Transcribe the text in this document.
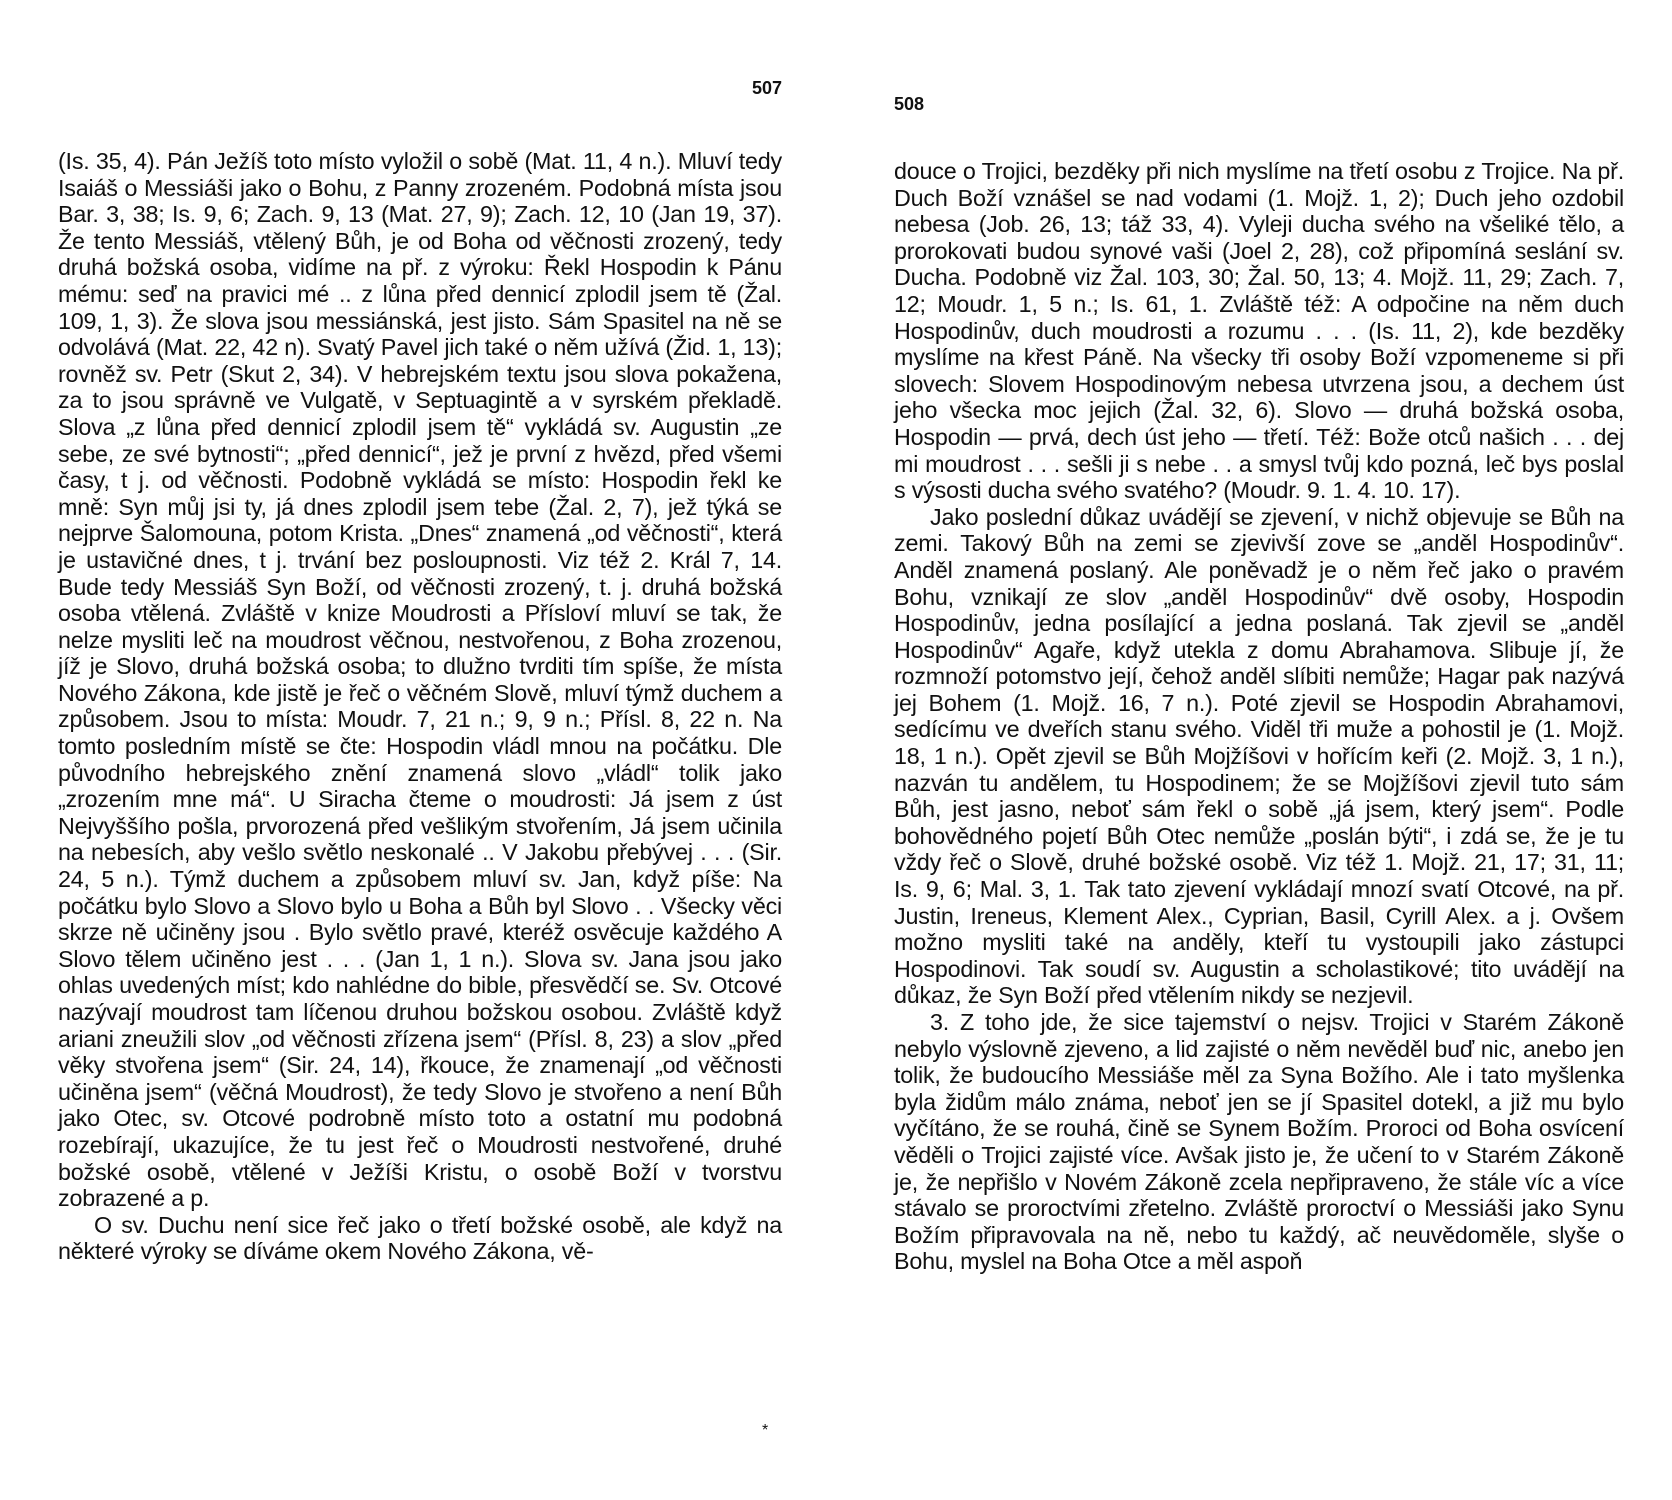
507

(Is. 35, 4). Pán Ježíš toto místo vyložil o sobě (Mat. 11, 4 n.). Mluví tedy Isaiáš o Messiáši jako o Bohu, z Panny zrozeném. Podobná místa jsou Bar. 3, 38; Is. 9, 6; Zach. 9, 13 (Mat. 27, 9); Zach. 12, 10 (Jan 19, 37). Že tento Messiáš, vtělený Bůh, je od Boha od věčnosti zrozený, tedy druhá božská osoba, vidíme na př. z výroku: Řekl Hospodin k Pánu mému: seď na pravici mé .. z lůna před dennicí zplodil jsem tě (Žal. 109, 1, 3). Že slova jsou messiánská, jest jisto. Sám Spasitel na ně se odvolává (Mat. 22, 42 n). Svatý Pavel jich také o něm užívá (Žid. 1, 13); rovněž sv. Petr (Skut 2, 34). V hebrejském textu jsou slova pokažena, za to jsou správně ve Vulgatě, v Septuagintě a v syrském překladě. Slova „z lůna před dennicí zplodil jsem tě“ vykládá sv. Augustin „ze sebe, ze své bytnosti“; „před dennicí“, jež je první z hvězd, před všemi časy, t j. od věčnosti. Podobně vykládá se místo: Hospodin řekl ke mně: Syn můj jsi ty, já dnes zplodil jsem tebe (Žal. 2, 7), jež týká se nejprve Šalomouna, potom Krista. „Dnes“ znamená „od věčnosti“, která je ustavičné dnes, t j. trvání bez posloupnosti. Viz též 2. Král 7, 14. Bude tedy Messiáš Syn Boží, od věčnosti zrozený, t. j. druhá božská osoba vtělená. Zvláště v knize Moudrosti a Přísloví mluví se tak, že nelze mysliti leč na moudrost věčnou, nestvořenou, z Boha zrozenou, jíž je Slovo, druhá božská osoba; to dlužno tvrditi tím spíše, že místa Nového Zákona, kde jistě je řeč o věčném Slově, mluví týmž duchem a způsobem. Jsou to místa: Moudr. 7, 21 n.; 9, 9 n.; Přísl. 8, 22 n. Na tomto posledním místě se čte: Hospodin vládl mnou na počátku. Dle původního hebrejského znění znamená slovo „vládl“ tolik jako „zrozením mne má“. U Siracha čteme o moudrosti: Já jsem z úst Nejvyššího pošla, prvorozená před vešlikým stvořením, Já jsem učinila na nebesích, aby vešlo světlo neskonalé .. V Jakobu přebývej . . . (Sir. 24, 5 n.). Týmž duchem a způsobem mluví sv. Jan, když píše: Na počátku bylo Slovo a Slovo bylo u Boha a Bůh byl Slovo . . Všecky věci skrze ně učiněny jsou . Bylo světlo pravé, kteréž osvěcuje každého A Slovo tělem učiněno jest . . . (Jan 1, 1 n.). Slova sv. Jana jsou jako ohlas uvedených míst; kdo nahlédne do bible, přesvědčí se. Sv. Otcové nazývají moudrost tam líčenou druhou božskou osobou. Zvláště když ariani zneužili slov „od věčnosti zřízena jsem“ (Přísl. 8, 23) a slov „před věky stvořena jsem“ (Sir. 24, 14), řkouce, že znamenají „od věčnosti učiněna jsem“ (věčná Moudrost), že tedy Slovo je stvořeno a není Bůh jako Otec, sv. Otcové podrobně místo toto a ostatní mu podobná rozebírají, ukazujíce, že tu jest řeč o Moudrosti nestvořené, druhé božské osobě, vtělené v Ježíši Kristu, o osobě Boží v tvorstvu zobrazené a p.

O sv. Duchu není sice řeč jako o třetí božské osobě, ale když na některé výroky se díváme okem Nového Zákona, vě-

*
508

douce o Trojici, bezděky při nich myslíme na třetí osobu z Trojice. Na př. Duch Boží vznášel se nad vodami (1. Mojž. 1, 2); Duch jeho ozdobil nebesa (Job. 26, 13; táž 33, 4). Vyleji ducha svého na všeliké tělo, a prorokovati budou synové vaši (Joel 2, 28), což připomíná seslání sv. Ducha. Podobně viz Žal. 103, 30; Žal. 50, 13; 4. Mojž. 11, 29; Zach. 7, 12; Moudr. 1, 5 n.; Is. 61, 1. Zvláště též: A odpočine na něm duch Hospodinův, duch moudrosti a rozumu . . . (Is. 11, 2), kde bezděky myslíme na křest Páně. Na všecky tři osoby Boží vzpomeneme si při slovech: Slovem Hospodinovým nebesa utvrzena jsou, a dechem úst jeho všecka moc jejich (Žal. 32, 6). Slovo — druhá božská osoba, Hospodin — prvá, dech úst jeho — třetí. Též: Bože otců našich . . . dej mi moudrost . . . sešli ji s nebe . . a smysl tvůj kdo pozná, leč bys poslal s výsosti ducha svého svatého? (Moudr. 9. 1. 4. 10. 17).

Jako poslední důkaz uvádějí se zjevení, v nichž objevuje se Bůh na zemi. Takový Bůh na zemi se zjevivší zove se „anděl Hospodinův“. Anděl znamená poslaný. Ale poněvadž je o něm řeč jako o pravém Bohu, vznikají ze slov „anděl Hospodinův“ dvě osoby, Hospodin Hospodinův, jedna posílající a jedna poslaná. Tak zjevil se „anděl Hospodinův“ Agaře, když utekla z domu Abrahamova. Slibuje jí, že rozmnoží potomstvo její, čehož anděl slíbiti nemůže; Hagar pak nazývá jej Bohem (1. Mojž. 16, 7 n.). Poté zjevil se Hospodin Abrahamovi, sedícímu ve dveřích stanu svého. Viděl tři muže a pohostil je (1. Mojž. 18, 1 n.). Opět zjevil se Bůh Mojžíšovi v hořícím keři (2. Mojž. 3, 1 n.), nazván tu andělem, tu Hospodinem; že se Mojžíšovi zjevil tuto sám Bůh, jest jasno, neboť sám řekl o sobě „já jsem, který jsem“. Podle bohovědného pojetí Bůh Otec nemůže „poslán býti“, i zdá se, že je tu vždy řeč o Slově, druhé božské osobě. Viz též 1. Mojž. 21, 17; 31, 11; Is. 9, 6; Mal. 3, 1. Tak tato zjevení vykládají mnozí svatí Otcové, na př. Justin, Ireneus, Klement Alex., Cyprian, Basil, Cyrill Alex. a j. Ovšem možno mysliti také na anděly, kteří tu vystoupili jako zástupci Hospodinovi. Tak soudí sv. Augustin a scholastikové; tito uvádějí na důkaz, že Syn Boží před vtělením nikdy se nezjevil.

3. Z toho jde, že sice tajemství o nejsv. Trojici v Starém Zákoně nebylo výslovně zjeveno, a lid zajisté o něm nevěděl buď nic, anebo jen tolik, že budoucího Messiáše měl za Syna Božího. Ale i tato myšlenka byla židům málo známa, neboť jen se jí Spasitel dotekl, a již mu bylo vyčítáno, že se rouhá, čině se Synem Božím. Proroci od Boha osvícení věděli o Trojici zajisté více. Avšak jisto je, že učení to v Starém Zákoně je, že nepřišlo v Novém Zákoně zcela nepřipraveno, že stále víc a více stávalo se proroctvími zřetelno. Zvláště proroctví o Messiáši jako Synu Božím připravovala na ně, nebo tu každý, ač neuvědoměle, slyše o Bohu, myslel na Boha Otce a měl aspoň
